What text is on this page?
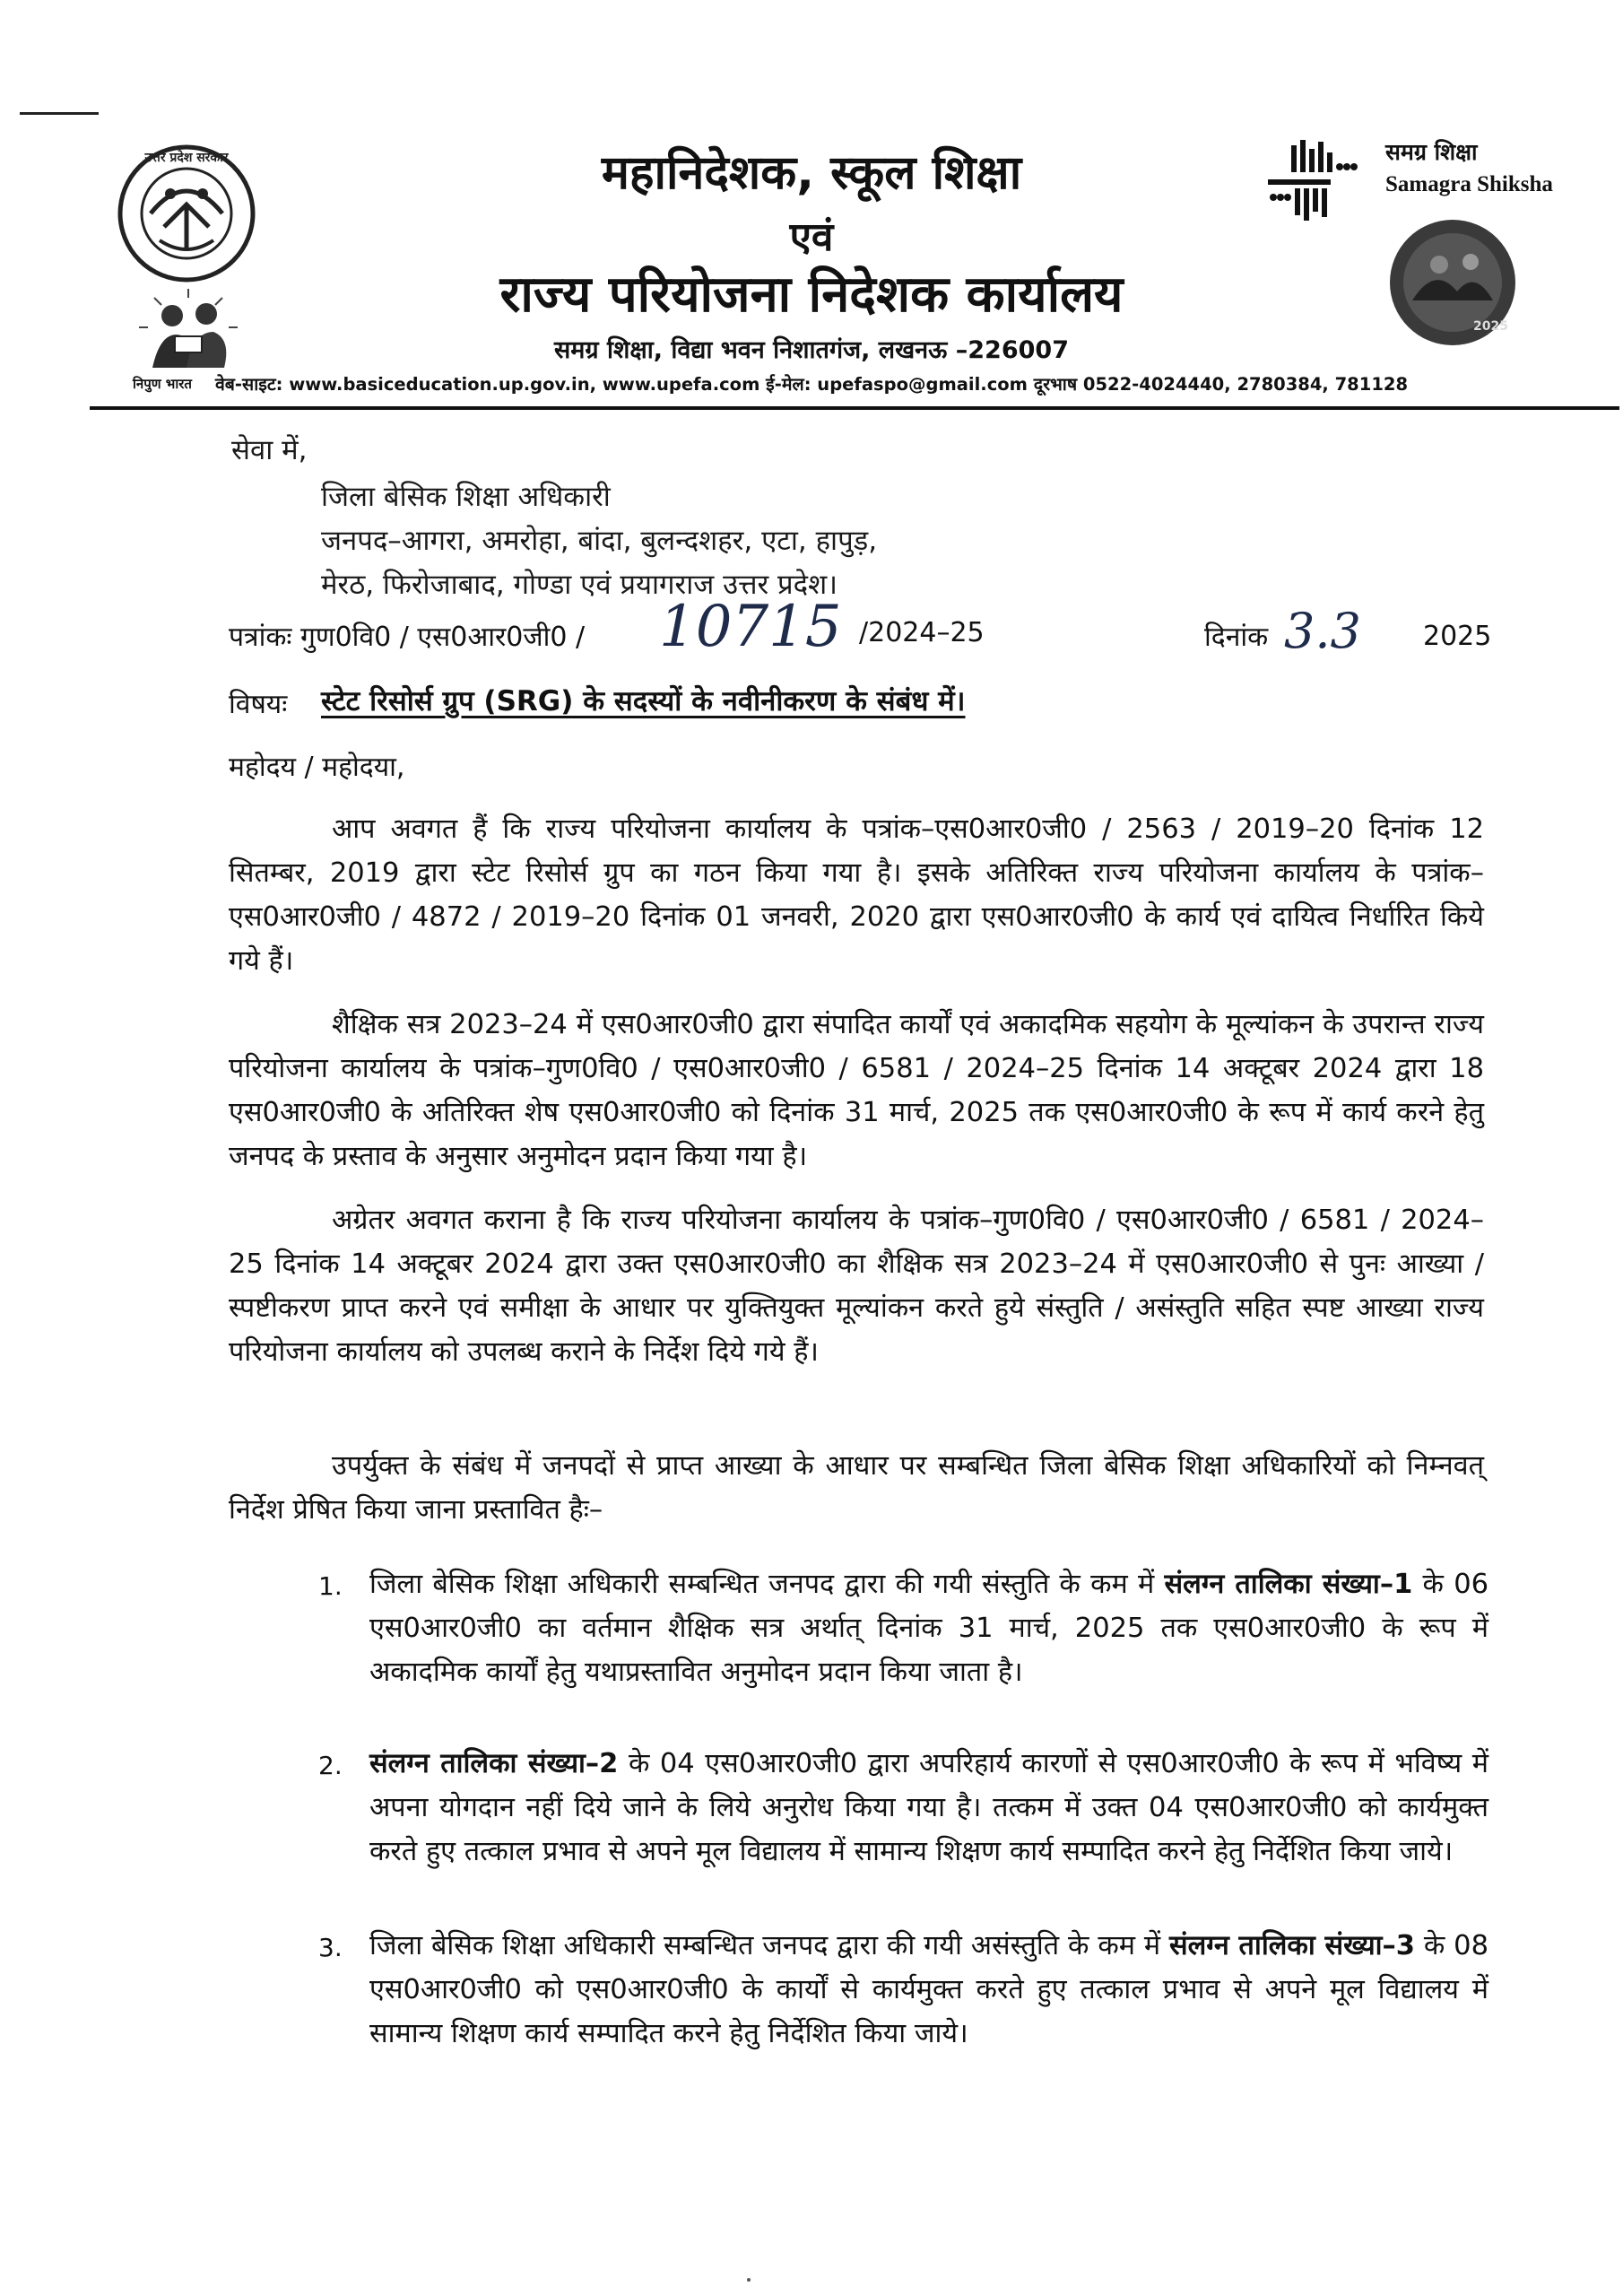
उत्तर प्रदेश सरकार
निपुण भारत
महानिदेशक, स्कूल शिक्षा
एवं
राज्य परियोजना निदेशक कार्यालय
समग्र शिक्षा, विद्या भवन निशातगंज, लखनऊ –226007
वेब-साइट: www.basiceducation.up.gov.in, www.upefa.com ई-मेल: upefaspo@gmail.com दूरभाष 0522-4024440, 2780384, 781128
समग्र शिक्षा
Samagra Shiksha
2025
सेवा में,
जिला बेसिक शिक्षा अधिकारी
जनपद–आगरा, अमरोहा, बांदा, बुलन्दशहर, एटा, हापुड़,
मेरठ, फिरोजाबाद, गोण्डा एवं प्रयागराज उत्तर प्रदेश।
पत्रांकः गुण0वि0 / एस0आर0जी0 / 10715 /2024–25	दिनांक 3.3 2025
विषयः स्टेट रिसोर्स ग्रुप (SRG) के सदस्यों के नवीनीकरण के संबंध में।
महोदय / महोदया,
आप अवगत हैं कि राज्य परियोजना कार्यालय के पत्रांक–एस0आर0जी0 / 2563 / 2019–20 दिनांक 12 सितम्बर, 2019 द्वारा स्टेट रिसोर्स ग्रुप का गठन किया गया है। इसके अतिरिक्त राज्य परियोजना कार्यालय के पत्रांक–एस0आर0जी0 / 4872 / 2019–20 दिनांक 01 जनवरी, 2020 द्वारा एस0आर0जी0 के कार्य एवं दायित्व निर्धारित किये गये हैं।
शैक्षिक सत्र 2023–24 में एस0आर0जी0 द्वारा संपादित कार्यों एवं अकादमिक सहयोग के मूल्यांकन के उपरान्त राज्य परियोजना कार्यालय के पत्रांक–गुण0वि0 / एस0आर0जी0 / 6581 / 2024–25 दिनांक 14 अक्टूबर 2024 द्वारा 18 एस0आर0जी0 के अतिरिक्त शेष एस0आर0जी0 को दिनांक 31 मार्च, 2025 तक एस0आर0जी0 के रूप में कार्य करने हेतु जनपद के प्रस्ताव के अनुसार अनुमोदन प्रदान किया गया है।
अग्रेतर अवगत कराना है कि राज्य परियोजना कार्यालय के पत्रांक–गुण0वि0 / एस0आर0जी0 / 6581 / 2024–25 दिनांक 14 अक्टूबर 2024 द्वारा उक्त एस0आर0जी0 का शैक्षिक सत्र 2023–24 में एस0आर0जी0 से पुनः आख्या / स्पष्टीकरण प्राप्त करने एवं समीक्षा के आधार पर युक्तियुक्त मूल्यांकन करते हुये संस्तुति / असंस्तुति सहित स्पष्ट आख्या राज्य परियोजना कार्यालय को उपलब्ध कराने के निर्देश दिये गये हैं।
उपर्युक्त के संबंध में जनपदों से प्राप्त आख्या के आधार पर सम्बन्धित जिला बेसिक शिक्षा अधिकारियों को निम्नवत् निर्देश प्रेषित किया जाना प्रस्तावित हैः–
1. जिला बेसिक शिक्षा अधिकारी सम्बन्धित जनपद द्वारा की गयी संस्तुति के कम में संलग्न तालिका संख्या–1 के 06 एस0आर0जी0 का वर्तमान शैक्षिक सत्र अर्थात् दिनांक 31 मार्च, 2025 तक एस0आर0जी0 के रूप में अकादमिक कार्यों हेतु यथाप्रस्तावित अनुमोदन प्रदान किया जाता है।
2. संलग्न तालिका संख्या–2 के 04 एस0आर0जी0 द्वारा अपरिहार्य कारणों से एस0आर0जी0 के रूप में भविष्य में अपना योगदान नहीं दिये जाने के लिये अनुरोध किया गया है। तत्कम में उक्त 04 एस0आर0जी0 को कार्यमुक्त करते हुए तत्काल प्रभाव से अपने मूल विद्यालय में सामान्य शिक्षण कार्य सम्पादित करने हेतु निर्देशित किया जाये।
3. जिला बेसिक शिक्षा अधिकारी सम्बन्धित जनपद द्वारा की गयी असंस्तुति के कम में संलग्न तालिका संख्या–3 के 08 एस0आर0जी0 को एस0आर0जी0 के कार्यों से कार्यमुक्त करते हुए तत्काल प्रभाव से अपने मूल विद्यालय में सामान्य शिक्षण कार्य सम्पादित करने हेतु निर्देशित किया जाये।
